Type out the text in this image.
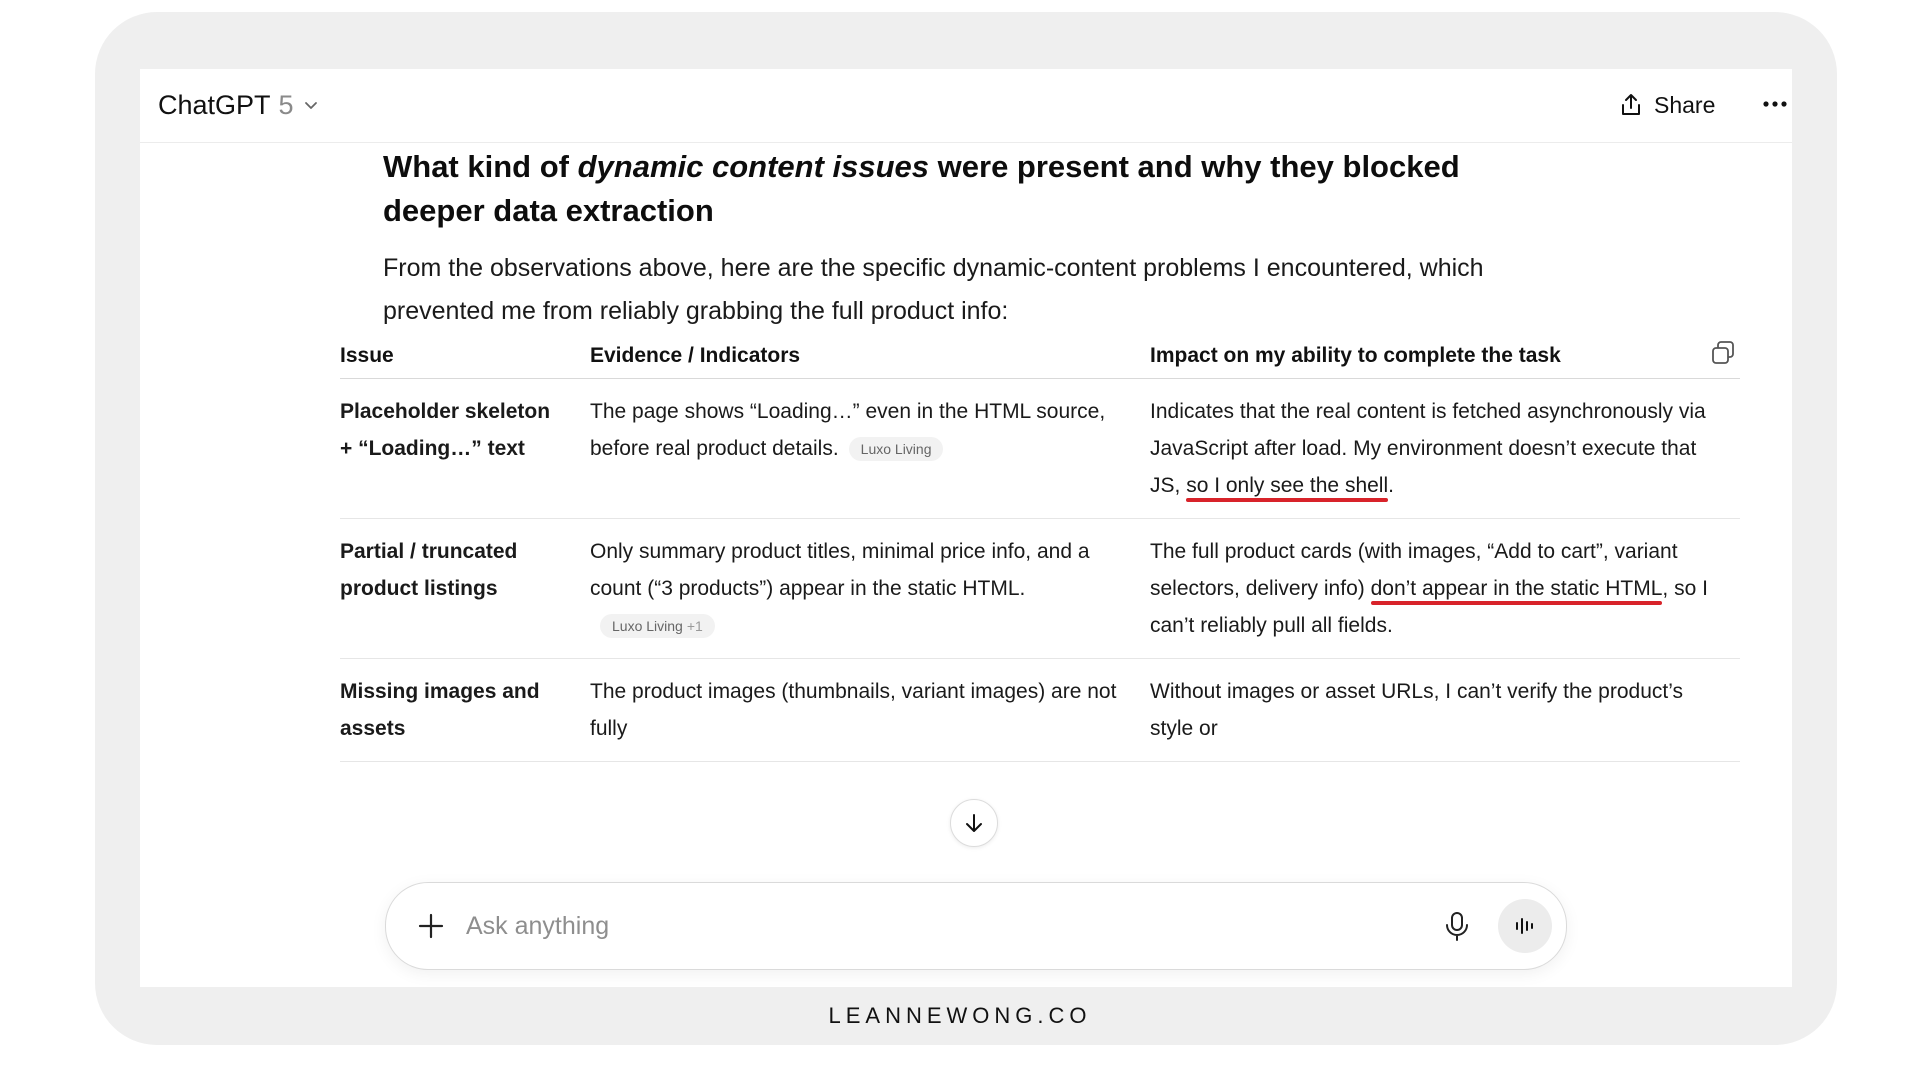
ChatGPT 5	Share
What kind of dynamic content issues were present and why they blocked deeper data extraction
From the observations above, here are the specific dynamic-content problems I encountered, which prevented me from reliably grabbing the full product info:
Issue	Evidence / Indicators	Impact on my ability to complete the task

Placeholder skeleton + “Loading…” text	The page shows “Loading…” even in the HTML source, before real product details. Luxo Living	Indicates that the real content is fetched asynchronously via JavaScript after load. My environment doesn’t execute that JS, so I only see the shell.
Partial / truncated product listings	Only summary product titles, minimal price info, and a count (“3 products”) appear in the static HTML.Luxo Living +1	The full product cards (with images, “Add to cart”, variant selectors, delivery info) don’t appear in the static HTML, so I can’t reliably pull all fields.
Missing images and assets	The product images (thumbnails, variant images) are not fully	Without images or asset URLs, I can’t verify the product’s style or
Ask anything
LEANNEWONG.CO
